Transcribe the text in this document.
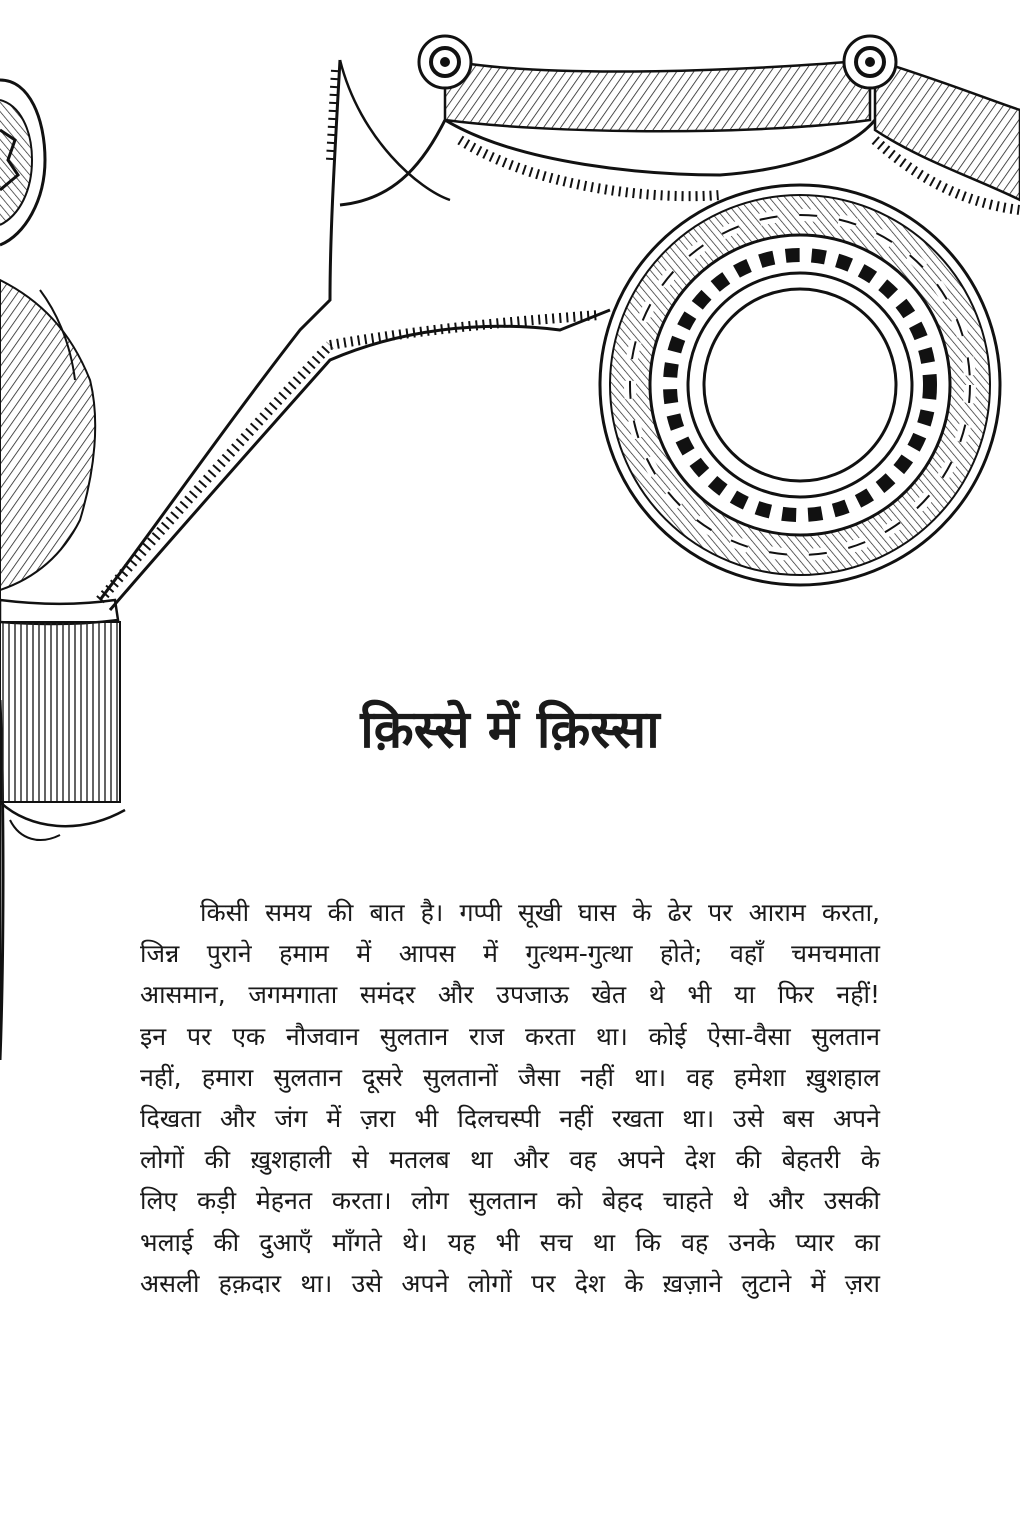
क़िस्से में क़िस्सा
किसी समय की बात है। गप्पी सूखी घास के ढेर पर आराम करता,
जिन्न पुराने हमाम में आपस में गुत्थम-गुत्था होते; वहाँ चमचमाता
आसमान, जगमगाता समंदर और उपजाऊ खेत थे भी या फिर नहीं!
इन पर एक नौजवान सुलतान राज करता था। कोई ऐसा-वैसा सुलतान
नहीं, हमारा सुलतान दूसरे सुलतानों जैसा नहीं था। वह हमेशा ख़ुशहाल
दिखता और जंग में ज़रा भी दिलचस्पी नहीं रखता था। उसे बस अपने
लोगों की ख़ुशहाली से मतलब था और वह अपने देश की बेहतरी के
लिए कड़ी मेहनत करता। लोग सुलतान को बेहद चाहते थे और उसकी
भलाई की दुआएँ माँगते थे। यह भी सच था कि वह उनके प्यार का
असली हक़दार था। उसे अपने लोगों पर देश के ख़ज़ाने लुटाने में ज़रा
